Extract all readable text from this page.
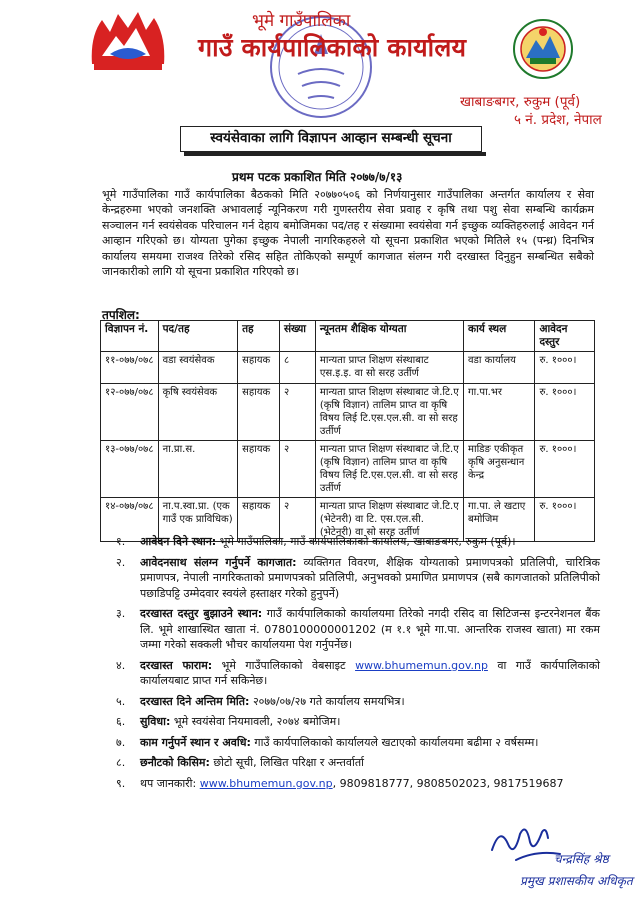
भूमे गाउँपालिका
गाउँ कार्यपालिकाको कार्यालय
खाबाङबगर, रुकुम (पूर्व)
५ नं. प्रदेश, नेपाल
स्वयंसेवाका लागि विज्ञापन आव्हान सम्बन्धी सूचना
प्रथम पटक प्रकाशित मिति २०७७/७/१३
भूमे गाउँपालिका गाउँ कार्यपालिका बैठकको मिति २०७७०५०६ को निर्णयानुसार गाउँपालिका अन्तर्गत कार्यालय र सेवा केन्द्रहरुमा भएको जनशक्ति अभावलाई न्यूनिकरण गरी गुणस्तरीय सेवा प्रवाह र कृषि तथा पशु सेवा सम्बन्धि कार्यक्रम सञ्चालन गर्न स्वयंसेवक परिचालन गर्न देहाय बमोजिमका पद/तह र संख्यामा स्वयंसेवा गर्न इच्छुक व्यक्तिहरुलाई आवेदन गर्न आव्हान गरिएको छ। योग्यता पुगेका इच्छुक नेपाली नागरिकहरुले यो सूचना प्रकाशित भएको मितिले १५ (पन्ध्र) दिनभित्र कार्यालय समयमा राजश्व तिरेको रसिद सहित तोकिएको सम्पूर्ण कागजात संलग्न गरी दरखास्त दिनुहुन सम्बन्धित सबैको जानकारीको लागि यो सूचना प्रकाशित गरिएको छ।
तपशिल:
विज्ञापन नं.	पद/तह	तह	संख्या	न्यूनतम शैक्षिक योग्यता	कार्य स्थल	आवेदन दस्तुर
११-०७७/०७८	वडा स्वयंसेवक	सहायक	८	मान्यता प्राप्त शिक्षण संस्थाबाट एस.इ.इ. वा सो सरह उर्तीर्ण	वडा कार्यालय	रु. १०००।
१२-०७७/०७८	कृषि स्वयंसेवक	सहायक	२	मान्यता प्राप्त शिक्षण संस्थाबाट जे.टि.ए (कृषि विज्ञान) तालिम प्राप्त वा कृषि विषय लिई टि.एस.एल.सी. वा सो सरह उर्तीर्ण	गा.पा.भर	रु. १०००।
१३-०७७/०७८	ना.प्रा.स.	सहायक	२	मान्यता प्राप्त शिक्षण संस्थाबाट जे.टि.ए (कृषि विज्ञान) तालिम प्राप्त वा कृषि विषय लिई टि.एस.एल.सी. वा सो सरह उर्तीर्ण	माडिङ एकीकृत कृषि अनुसन्धान केन्द्र	रु. १०००।
१४-०७७/०७८	ना.प.स्वा.प्रा. (एक गाउँ एक प्राविधिक)	सहायक	२	मान्यता प्राप्त शिक्षण संस्थाबाट जे.टि.ए (भेटेनरी) वा टि. एस.एल.सी. (भेटेनरी) वा सो सरह उर्तीर्ण	गा.पा. ले खटाए बमोजिम	रु. १०००।
१. आवेदन दिने स्थान: भूमे गाउँपालिका, गाउँ कार्यपालिकाको कार्यालय, खाबाङबगर, रुकुम (पूर्व)।
२. आवेदनसाथ संलग्न गर्नुपर्ने कागजात: व्यक्तिगत विवरण, शैक्षिक योग्यताको प्रमाणपत्रको प्रतिलिपी, चारित्रिक प्रमाणपत्र, नेपाली नागरिकताको प्रमाणपत्रको प्रतिलिपी, अनुभवको प्रमाणित प्रमाणपत्र (सबै कागजातको प्रतिलिपीको पछाडिपट्टि उम्मेदवार स्वयंले हस्ताक्षर गरेको हुनुपर्ने)
३. दरखास्त दस्तुर बुझाउने स्थान: गाउँ कार्यपालिकाको कार्यालयमा तिरेको नगदी रसिद वा सिटिजन्स इन्टरनेशनल बैंक लि. भूमे शाखास्थित खाता नं. 0780100000001202 (म १.१ भूमे गा.पा. आन्तरिक राजस्व खाता) मा रकम जम्मा गरेको सक्कली भौचर कार्यालयमा पेश गर्नुपर्नेछ।
४. दरखास्त फाराम: भूमे गाउँपालिकाको वेबसाइट www.bhumemun.gov.np वा गाउँ कार्यपालिकाको कार्यालयबाट प्राप्त गर्न सकिनेछ।
५. दरखास्त दिने अन्तिम मिति: २०७७/०७/२७ गते कार्यालय समयभित्र।
६. सुविधा: भूमे स्वयंसेवा नियमावली, २०७४ बमोजिम।
७. काम गर्नुपर्ने स्थान र अवधि: गाउँ कार्यपालिकाको कार्यालयले खटाएको कार्यालयमा बढीमा २ वर्षसम्म।
८. छनौटको किसिम: छोटो सूची, लिखित परिक्षा र अन्तर्वार्ता
९. थप जानकारी: www.bhumemun.gov.np, 9809818777, 9808502023, 9817519687
चन्द्रसिंह श्रेष्ठ
प्रमुख प्रशासकीय अधिकृत
